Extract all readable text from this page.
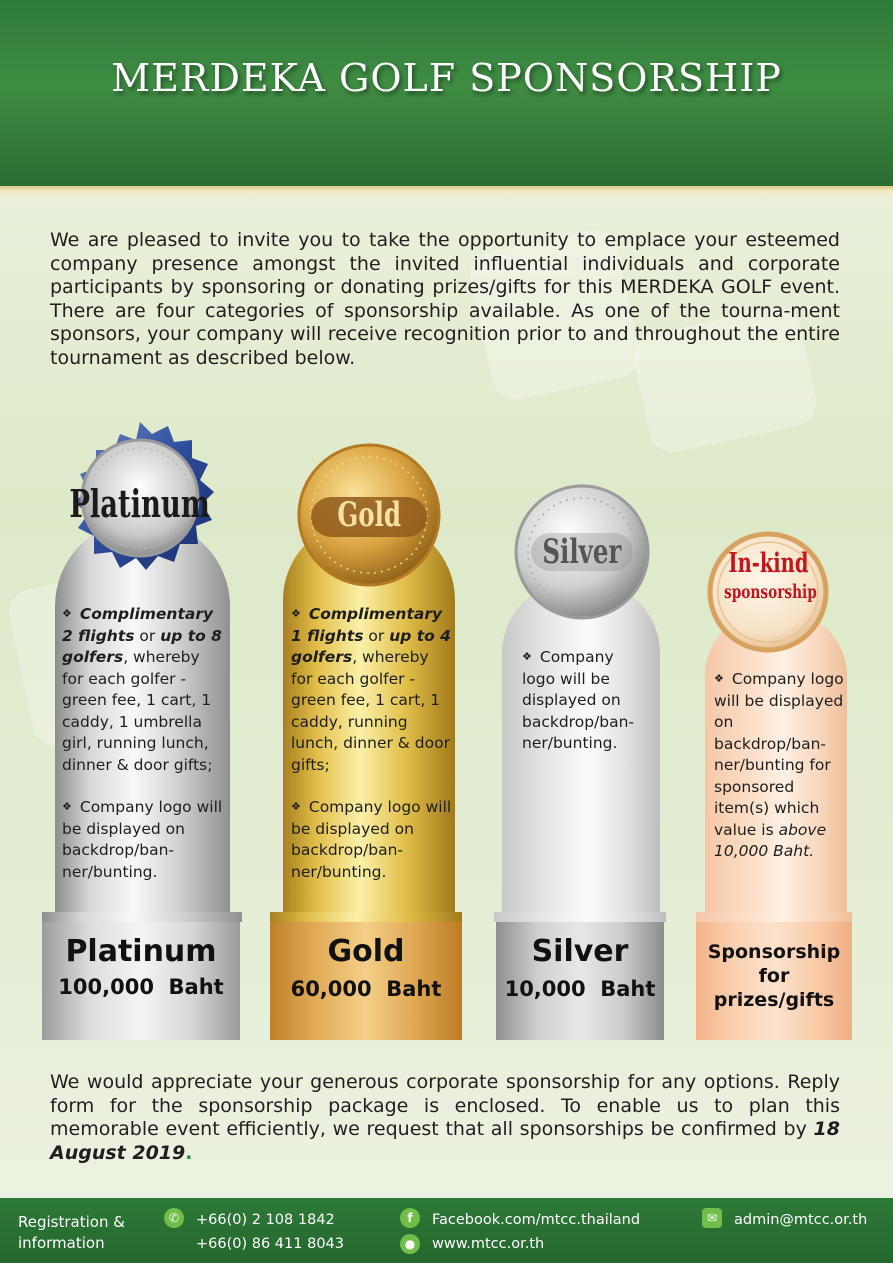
MERDEKA GOLF SPONSORSHIP
We are pleased to invite you to take the opportunity to emplace your esteemed company presence amongst the invited influential individuals and corporate participants by sponsoring or donating prizes/gifts for this MERDEKA GOLF event. There are four categories of sponsorship available. As one of the tourna-ment sponsors, your company will receive recognition prior to and throughout the entire tournament as described below.
Platinum
100,000  Baht
Platinum

❖ Complimentary 2 flights or up to 8 golfers, whereby for each golfer - green fee, 1 cart, 1 caddy, 1 umbrella girl, running lunch, dinner & door gifts;

❖ Company logo will be displayed on backdrop/ban-ner/bunting.

Gold
60,000  Baht
Gold

❖ Complimentary 1 flights or up to 4 golfers, whereby for each golfer - green fee, 1 cart, 1 caddy, running lunch, dinner & door gifts;

❖ Company logo will be displayed on backdrop/ban-ner/bunting.

Silver
10,000  Baht
Silver

❖ Company logo will be displayed on backdrop/ban-ner/bunting.

Sponsorship for prizes/gifts
In-kind
sponsorship

❖ Company logo will be displayed on backdrop/ban-ner/bunting for sponsored item(s) which value is above 10,000 Baht.

We would appreciate your generous corporate sponsorship for any options. Reply form for the sponsorship package is enclosed. To enable us to plan this memorable event efficiently, we request that all sponsorships be confirmed by 18 August 2019.
Registration & information
✆	+66(0) 2 108 1842
+66(0) 86 411 8043
f	Facebook.com/mtcc.thailand
●	www.mtcc.or.th
✉	admin@mtcc.or.th
